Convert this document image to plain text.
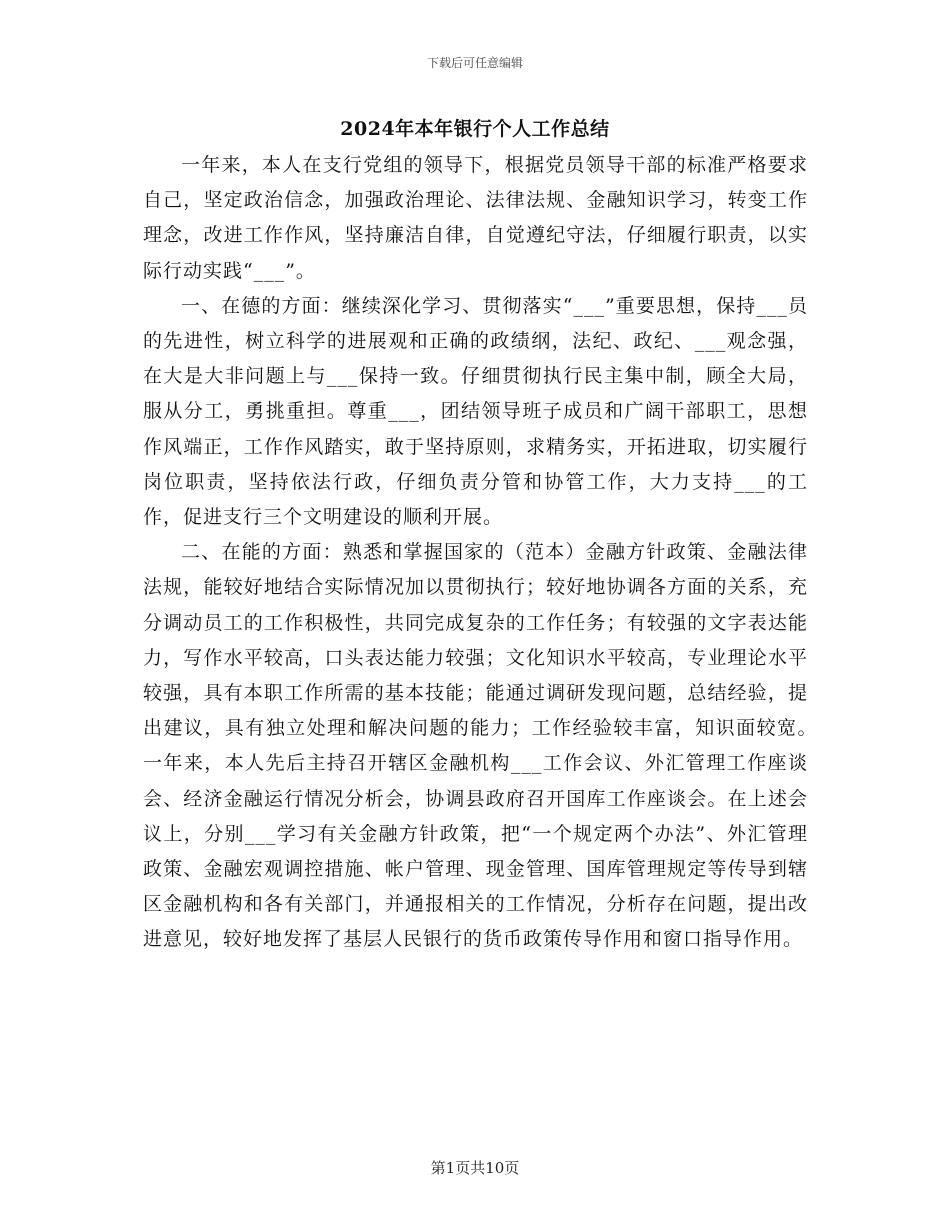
下载后可任意编辑
2024年本年银行个人工作总结

一年来，本人在支行党组的领导下，根据党员领导干部的标准严格要求自己，坚定政治信念，加强政治理论、法律法规、金融知识学习，转变工作理念，改进工作作风，坚持廉洁自律，自觉遵纪守法，仔细履行职责，以实际行动实践“___”。

一、在德的方面：继续深化学习、贯彻落实“___”重要思想，保持___员的先进性，树立科学的进展观和正确的政绩纲，法纪、政纪、___观念强，在大是大非问题上与___保持一致。仔细贯彻执行民主集中制，顾全大局，服从分工，勇挑重担。尊重___，团结领导班子成员和广阔干部职工，思想作风端正，工作作风踏实，敢于坚持原则，求精务实，开拓进取，切实履行岗位职责，坚持依法行政，仔细负责分管和协管工作，大力支持___的工作，促进支行三个文明建设的顺利开展。

二、在能的方面：熟悉和掌握国家的（范本）金融方针政策、金融法律法规，能较好地结合实际情况加以贯彻执行；较好地协调各方面的关系，充分调动员工的工作积极性，共同完成复杂的工作任务；有较强的文字表达能力，写作水平较高，口头表达能力较强；文化知识水平较高，专业理论水平较强，具有本职工作所需的基本技能；能通过调研发现问题，总结经验，提出建议，具有独立处理和解决问题的能力；工作经验较丰富，知识面较宽。　一年来，本人先后主持召开辖区金融机构___工作会议、外汇管理工作座谈会、经济金融运行情况分析会，协调县政府召开国库工作座谈会。在上述会议上，分别___学习有关金融方针政策，把“一个规定两个办法”、外汇管理政策、金融宏观调控措施、帐户管理、现金管理、国库管理规定等传导到辖区金融机构和各有关部门，并通报相关的工作情况，分析存在问题，提出改进意见，较好地发挥了基层人民银行的货币政策传导作用和窗口指导作用。

第1页共10页
